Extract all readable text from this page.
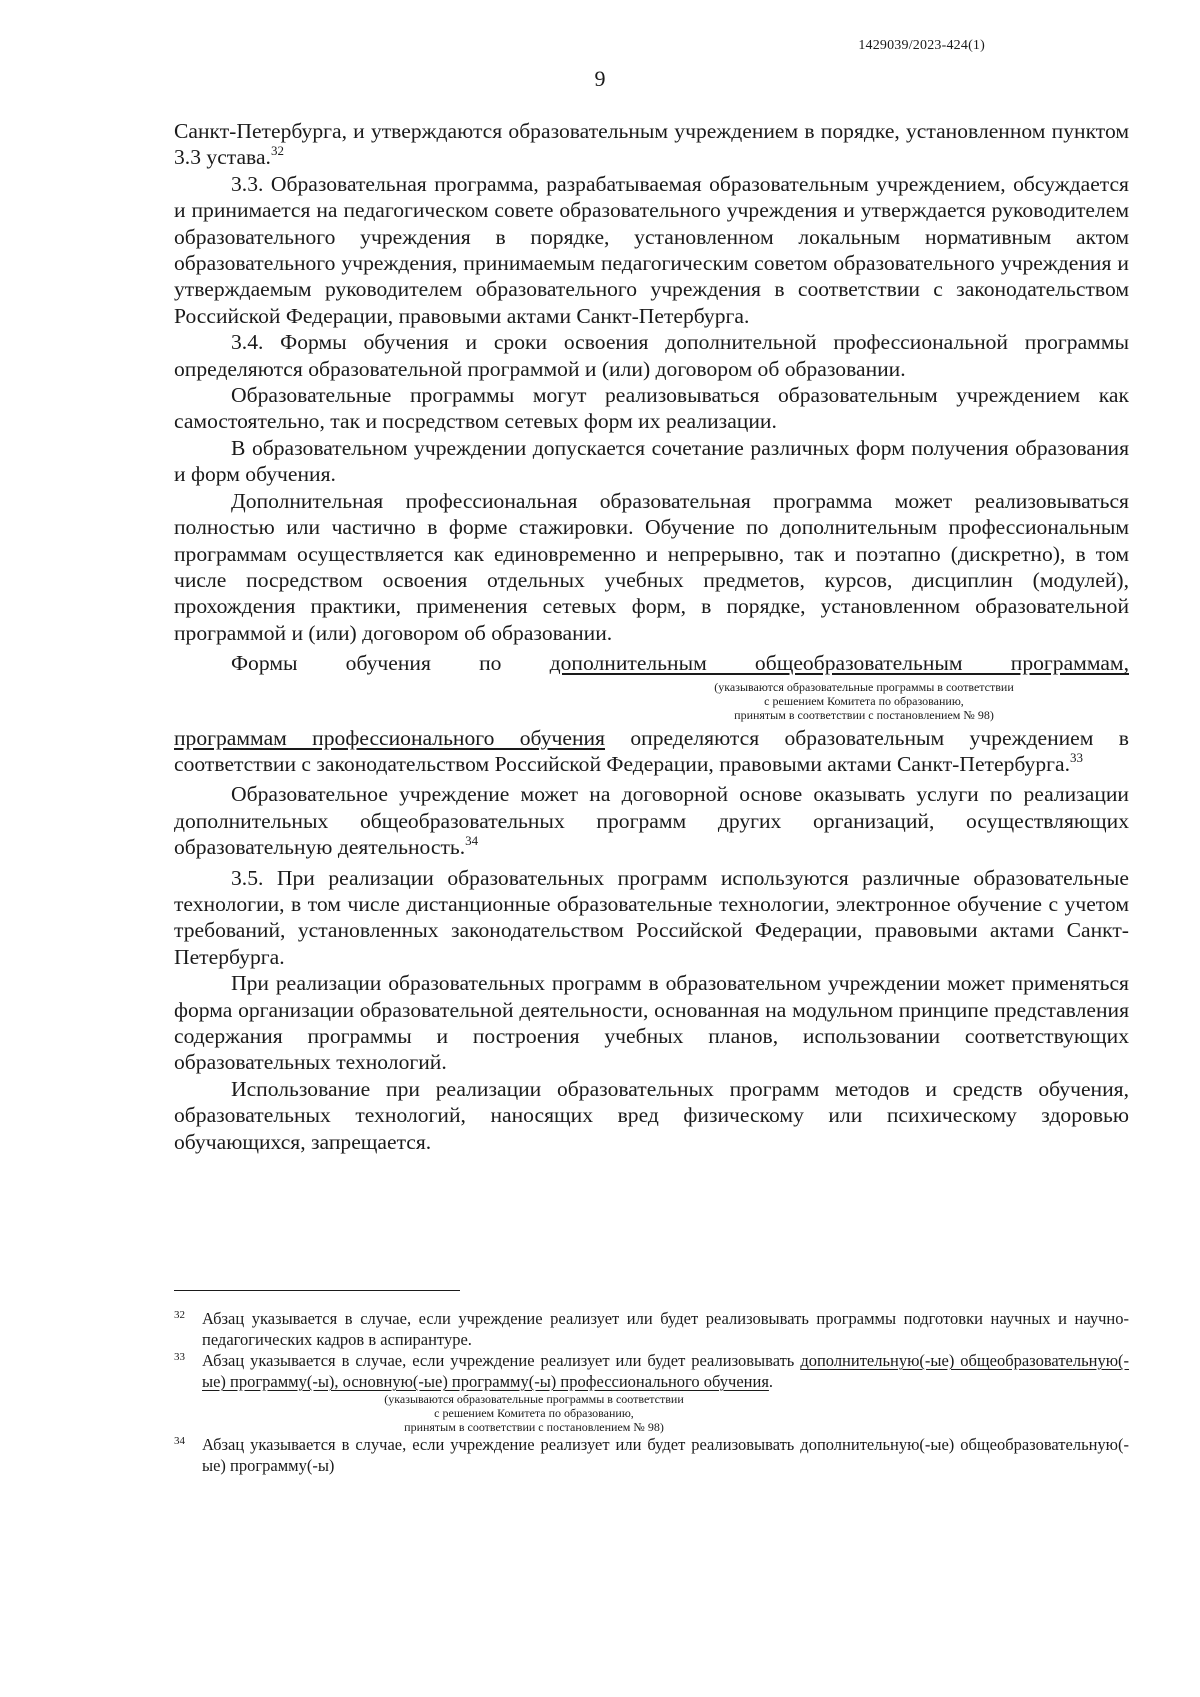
1429039/2023-424(1)
9

Санкт-Петербурга, и утверждаются образовательным учреждением в порядке, установленном пунктом 3.3 устава.$^{32}$

3.3. Образовательная программа, разрабатываемая образовательным учреждением, обсуждается и принимается на педагогическом совете образовательного учреждения и утверждается руководителем образовательного учреждения в порядке, установленном локальным нормативным актом образовательного учреждения, принимаемым педагогическим советом образовательного учреждения и утверждаемым руководителем образовательного учреждения в соответствии с законодательством Российской Федерации, правовыми актами Санкт-Петербурга.

3.4. Формы обучения и сроки освоения дополнительной профессиональной программы определяются образовательной программой и (или) договором об образовании.

Образовательные программы могут реализовываться образовательным учреждением как самостоятельно, так и посредством сетевых форм их реализации.

В образовательном учреждении допускается сочетание различных форм получения образования и форм обучения.

Дополнительная профессиональная образовательная программа может реализовываться полностью или частично в форме стажировки. Обучение по дополнительным профессиональным программам осуществляется как единовременно и непрерывно, так и поэтапно (дискретно), в том числе посредством освоения отдельных учебных предметов, курсов, дисциплин (модулей), прохождения практики, применения сетевых форм, в порядке, установленном образовательной программой и (или) договором об образовании.

Формы обучения по дополнительным общеобразовательным программам,

(указываются образовательные программы в соответствии
с решением Комитета по образованию,
принятым в соответствии с постановлением № 98)

программам профессионального обучения определяются образовательным учреждением в соответствии с законодательством Российской Федерации, правовыми актами Санкт-Петербурга.$^{33}$

Образовательное учреждение может на договорной основе оказывать услуги по реализации дополнительных общеобразовательных программ других организаций, осуществляющих образовательную деятельность.$^{34}$

3.5. При реализации образовательных программ используются различные образовательные технологии, в том числе дистанционные образовательные технологии, электронное обучение с учетом требований, установленных законодательством Российской Федерации, правовыми актами Санкт-Петербурга.

При реализации образовательных программ в образовательном учреждении может применяться форма организации образовательной деятельности, основанная на модульном принципе представления содержания программы и построения учебных планов, использовании соответствующих образовательных технологий.

Использование при реализации образовательных программ методов и средств обучения, образовательных технологий, наносящих вред физическому или психическому здоровью обучающихся, запрещается.

32 Абзац указывается в случае, если учреждение реализует или будет реализовывать программы подготовки научных и научно-педагогических кадров в аспирантуре.

33 Абзац указывается в случае, если учреждение реализует или будет реализовывать дополнительную(-ые) общеобразовательную(-ые) программу(-ы), основную(-ые) программу(-ы) профессионального обучения.

(указываются образовательные программы в соответствии
с решением Комитета по образованию,
принятым в соответствии с постановлением № 98)

34 Абзац указывается в случае, если учреждение реализует или будет реализовывать дополнительную(-ые) общеобразовательную(-ые) программу(-ы)
